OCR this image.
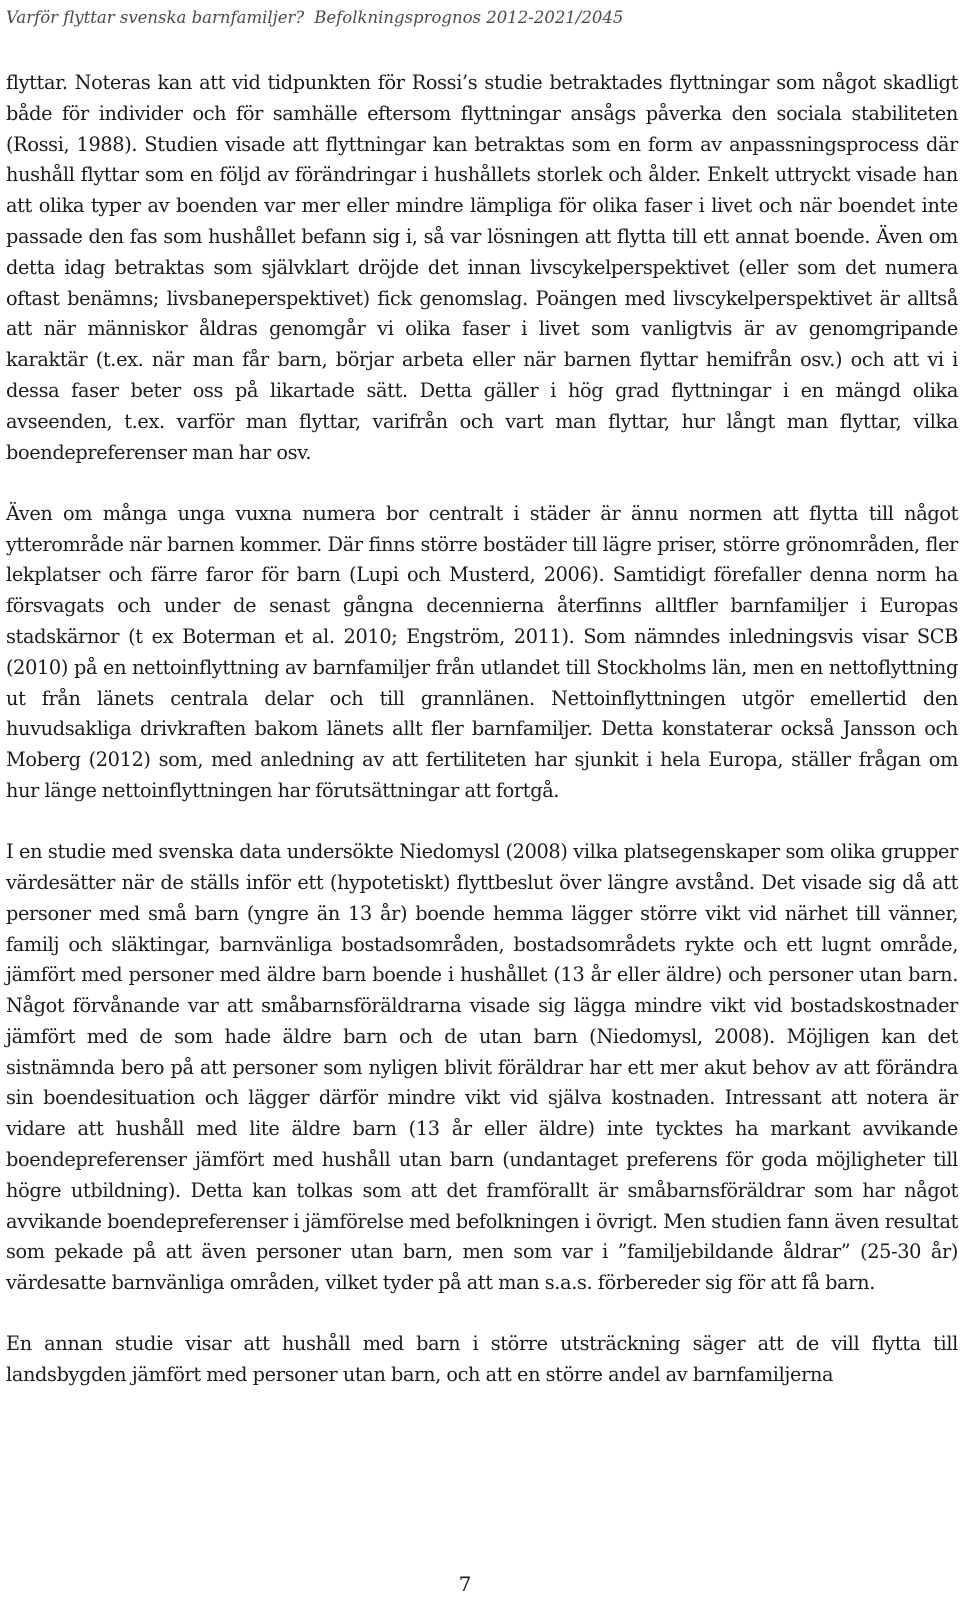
Varför flyttar svenska barnfamiljer? Befolkningsprognos 2012-2021/2045

flyttar. Noteras kan att vid tidpunkten för Rossi’s studie betraktades flyttningar som något skadligt både för individer och för samhälle eftersom flyttningar ansågs påverka den sociala stabiliteten (Rossi, 1988). Studien visade att flyttningar kan betraktas som en form av anpassningsprocess där hushåll flyttar som en följd av förändringar i hushållets storlek och ålder. Enkelt uttryckt visade han att olika typer av boenden var mer eller mindre lämpliga för olika faser i livet och när boendet inte passade den fas som hushållet befann sig i, så var lösningen att flytta till ett annat boende. Även om detta idag betraktas som självklart dröjde det innan livscykelperspektivet (eller som det numera oftast benämns; livsbaneperspektivet) fick genomslag. Poängen med livscykelperspektivet är alltså att när människor åldras genomgår vi olika faser i livet som vanligtvis är av genomgripande karaktär (t.ex. när man får barn, börjar arbeta eller när barnen flyttar hemifrån osv.) och att vi i dessa faser beter oss på likartade sätt. Detta gäller i hög grad flyttningar i en mängd olika avseenden, t.ex. varför man flyttar, varifrån och vart man flyttar, hur långt man flyttar, vilka boendepreferenser man har osv.

Även om många unga vuxna numera bor centralt i städer är ännu normen att flytta till något ytterområde när barnen kommer. Där finns större bostäder till lägre priser, större grönområden, fler lekplatser och färre faror för barn (Lupi och Musterd, 2006). Samtidigt förefaller denna norm ha försvagats och under de senast gångna decennierna återfinns alltfler barnfamiljer i Europas stadskärnor (t ex Boterman et al. 2010; Engström, 2011). Som nämndes inledningsvis visar SCB (2010) på en nettoinflyttning av barnfamiljer från utlandet till Stockholms län, men en nettoflyttning ut från länets centrala delar och till grannlänen. Nettoinflyttningen utgör emellertid den huvudsakliga drivkraften bakom länets allt fler barnfamiljer. Detta konstaterar också Jansson och Moberg (2012) som, med anledning av att fertiliteten har sjunkit i hela Europa, ställer frågan om hur länge nettoinflyttningen har förutsättningar att fortgå.

I en studie med svenska data undersökte Niedomysl (2008) vilka platsegenskaper som olika grupper värdesätter när de ställs inför ett (hypotetiskt) flyttbeslut över längre avstånd. Det visade sig då att personer med små barn (yngre än 13 år) boende hemma lägger större vikt vid närhet till vänner, familj och släktingar, barnvänliga bostadsområden, bostadsområdets rykte och ett lugnt område, jämfört med personer med äldre barn boende i hushållet (13 år eller äldre) och personer utan barn. Något förvånande var att småbarnsföräldrarna visade sig lägga mindre vikt vid bostadskostnader jämfört med de som hade äldre barn och de utan barn (Niedomysl, 2008). Möjligen kan det sistnämnda bero på att personer som nyligen blivit föräldrar har ett mer akut behov av att förändra sin boendesituation och lägger därför mindre vikt vid själva kostnaden. Intressant att notera är vidare att hushåll med lite äldre barn (13 år eller äldre) inte tycktes ha markant avvikande boendepreferenser jämfört med hushåll utan barn (undantaget preferens för goda möjligheter till högre utbildning). Detta kan tolkas som att det framförallt är småbarnsföräldrar som har något avvikande boendepreferenser i jämförelse med befolkningen i övrigt. Men studien fann även resultat som pekade på att även personer utan barn, men som var i ”familjebildande åldrar” (25-30 år) värdesatte barnvänliga områden, vilket tyder på att man s.a.s. förbereder sig för att få barn.

En annan studie visar att hushåll med barn i större utsträckning säger att de vill flytta till landsbygden jämfört med personer utan barn, och att en större andel av barnfamiljerna

7
